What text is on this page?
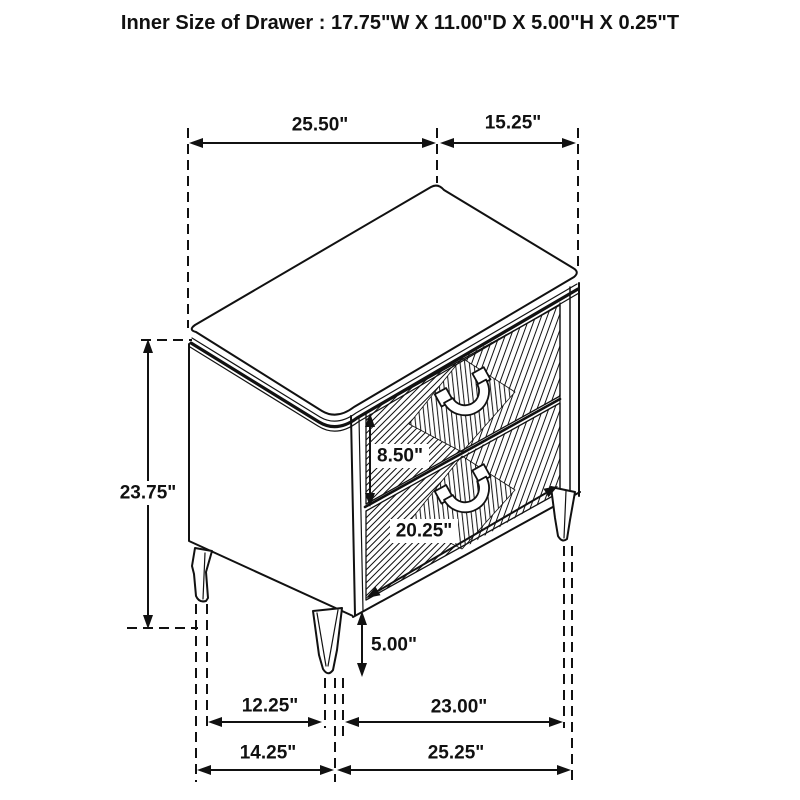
Inner Size of Drawer : 17.75"W X 11.00"D X 5.00"H X 0.25"T
25.50"	15.25"
23.75"
8.50"
20.25"
5.00"
12.25"	23.00"
14.25"	25.25"
